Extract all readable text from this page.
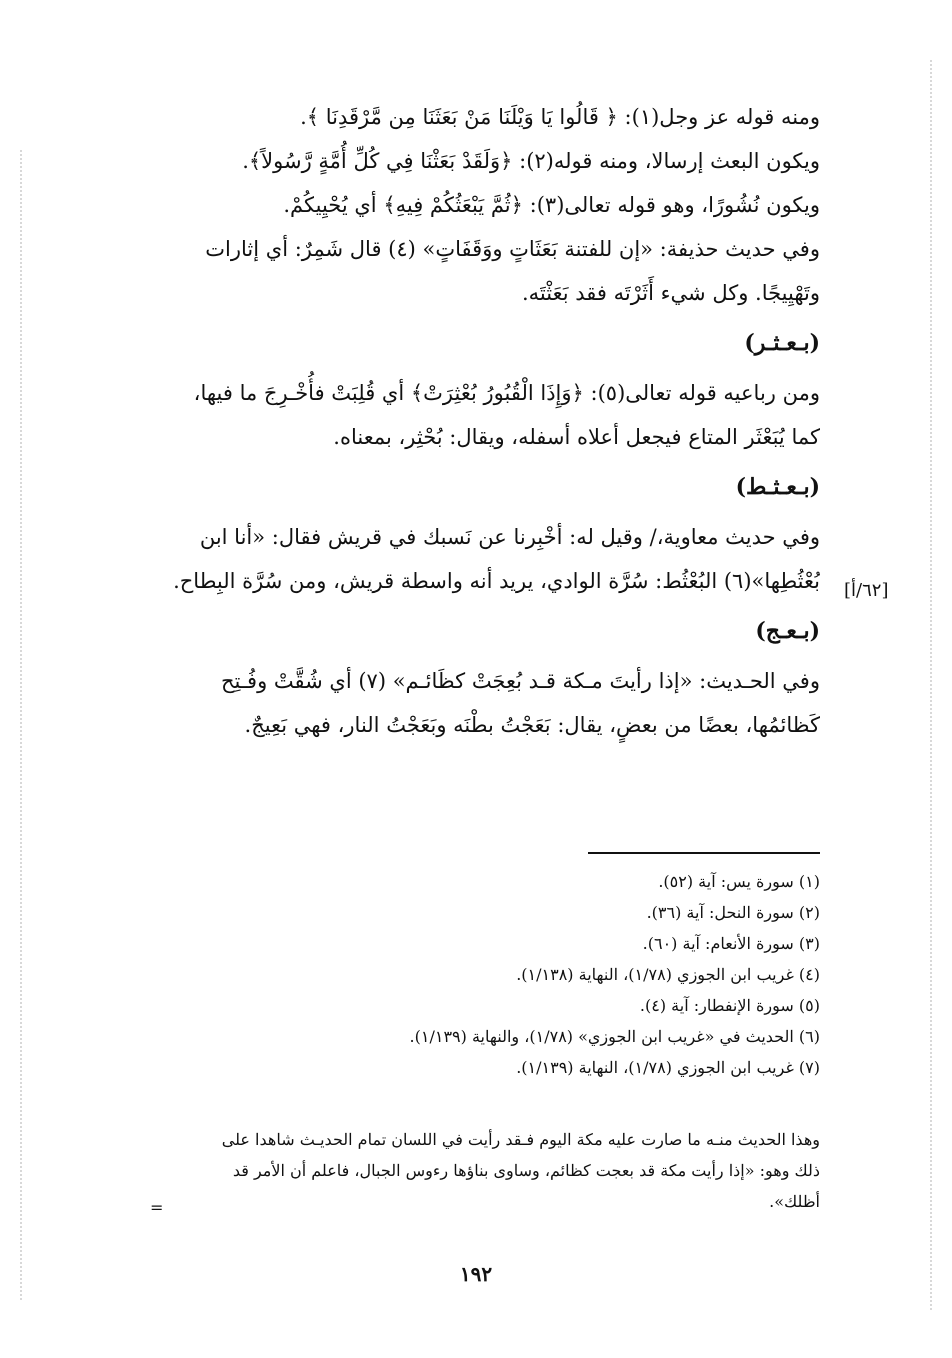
ومنه قوله عز وجل(١): ﴿ قَالُوا يَا وَيْلَنَا مَنْ بَعَثَنَا مِن مَّرْقَدِنَا ﴾.
ويكون البعث إرسالا، ومنه قوله(٢): ﴿وَلَقَدْ بَعَثْنَا فِي كُلِّ أُمَّةٍ رَّسُولاً﴾.
ويكون نُشُورًا، وهو قوله تعالى(٣): ﴿ثُمَّ يَبْعَثُكُمْ فِيهِ﴾ أي يُحْيِيكُمْ.
وفي حديث حذيفة: «إن للفتنة بَعَثَاتٍ ووَقَفَاتٍ» (٤) قال شَمِرٌ: أي إثارات
وتَهْيِيجًا. وكل شيء أَثَرْتَه فقد بَعَثْتَه.
(بـعـثـر)
ومن رباعيه قوله تعالى(٥): ﴿وَإِذَا الْقُبُورُ بُعْثِرَتْ﴾ أي قُلِبَتْ فأُخْـرِجَ ما فيها،
كما يُبَعْثَر المتاع فيجعل أعلاه أسفله، ويقال: بُحْثِر، بمعناه.
(بـعـثـط)
وفي حديث معاوية،/ وقيل له: أخْبِرنا عن نَسبك في قريش فقال: «أنا ابن
بُعْثُطِها»(٦) البُعْثُط: سُرَّة الوادي، يريد أنه واسطة قريش، ومن سُرَّة البِطاح.
(بـعـج)
وفي الحـديث: «إذا رأيتَ مـكة قـد بُعِجَتْ كظَائـم» (٧) أي شُقَّتْ وفُـتِح
كَظائمُها، بعضًا من بعضٍ، يقال: بَعَجْتُ بطْنَه وبَعَجْتُ النار، فهي بَعِيجٌ.
[٦٢/أ]
(١) سورة يس: آية (٥٢).
(٢) سورة النحل: آية (٣٦).
(٣) سورة الأنعام: آية (٦٠).
(٤) غريب ابن الجوزي (١/٧٨)، النهاية (١/١٣٨).
(٥) سورة الإنفطار: آية (٤).
(٦) الحديث في «غريب ابن الجوزي» (١/٧٨)، والنهاية (١/١٣٩).
(٧) غريب ابن الجوزي (١/٧٨)، النهاية (١/١٣٩).
وهذا الحديث منـه ما صارت عليه مكة اليوم فـقد رأيت في اللسان تمام الحديـث شاهدا على
ذلك وهو: «إذا رأيت مكة قد بعجت كظائم، وساوى بناؤها رءوس الجبال، فاعلم أن الأمر قد
أظلك».
=
١٩٢
